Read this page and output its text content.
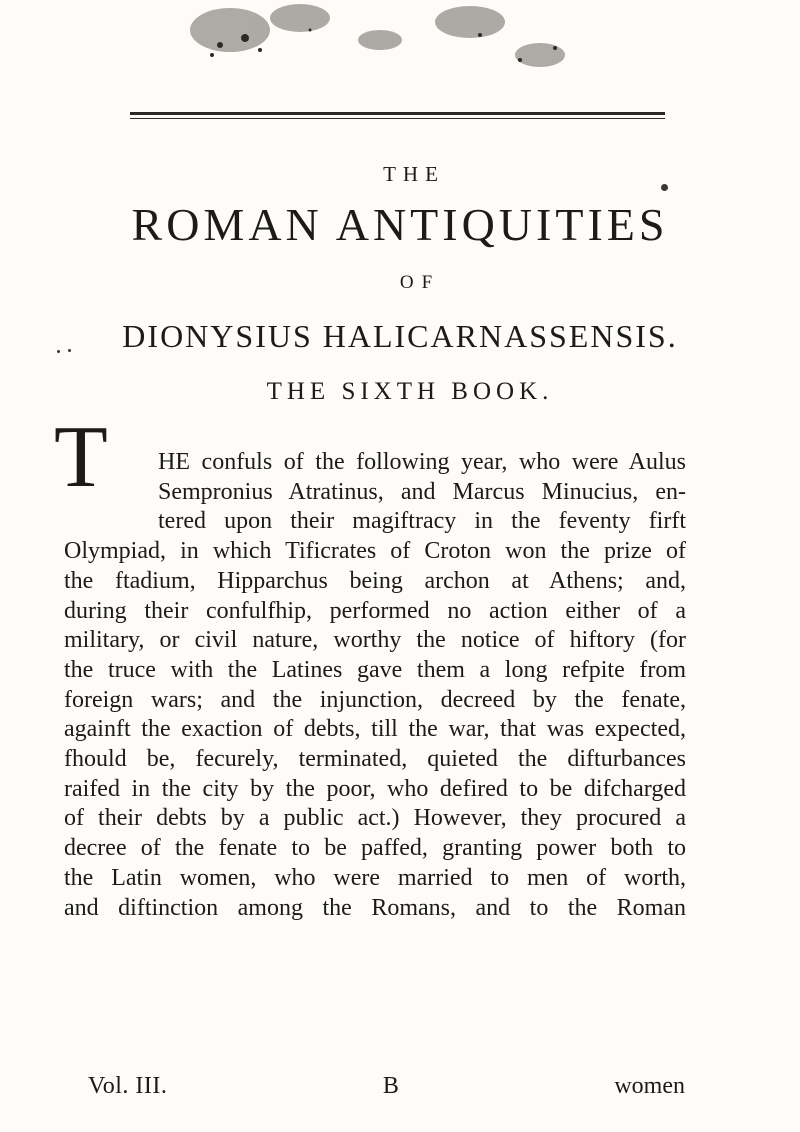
THE
ROMAN ANTIQUITIES
OF
DIONYSIUS HALICARNASSENSIS.
THE SIXTH BOOK.
T	HE confuls of the following year, who were Aulus
Sempronius Atratinus, and Marcus Minucius, en-
tered upon their magiftracy in the feventy firft
Olympiad, in which Tificrates of Croton won the prize of
the ftadium, Hipparchus being archon at Athens; and,
during their confulfhip, performed no action either of a
military, or civil nature, worthy the notice of hiftory (for
the truce with the Latines gave them a long refpite from
foreign wars; and the injunction, decreed by the fenate,
againft the exaction of debts, till the war, that was expected,
fhould be, fecurely, terminated, quieted the difturbances
raifed in the city by the poor, who defired to be difcharged
of their debts by a public act.) However, they procured a
decree of the fenate to be paffed, granting power both to
the Latin women, who were married to men of worth,
and diftinction among the Romans, and to the Roman
Vol. III.	B	women
